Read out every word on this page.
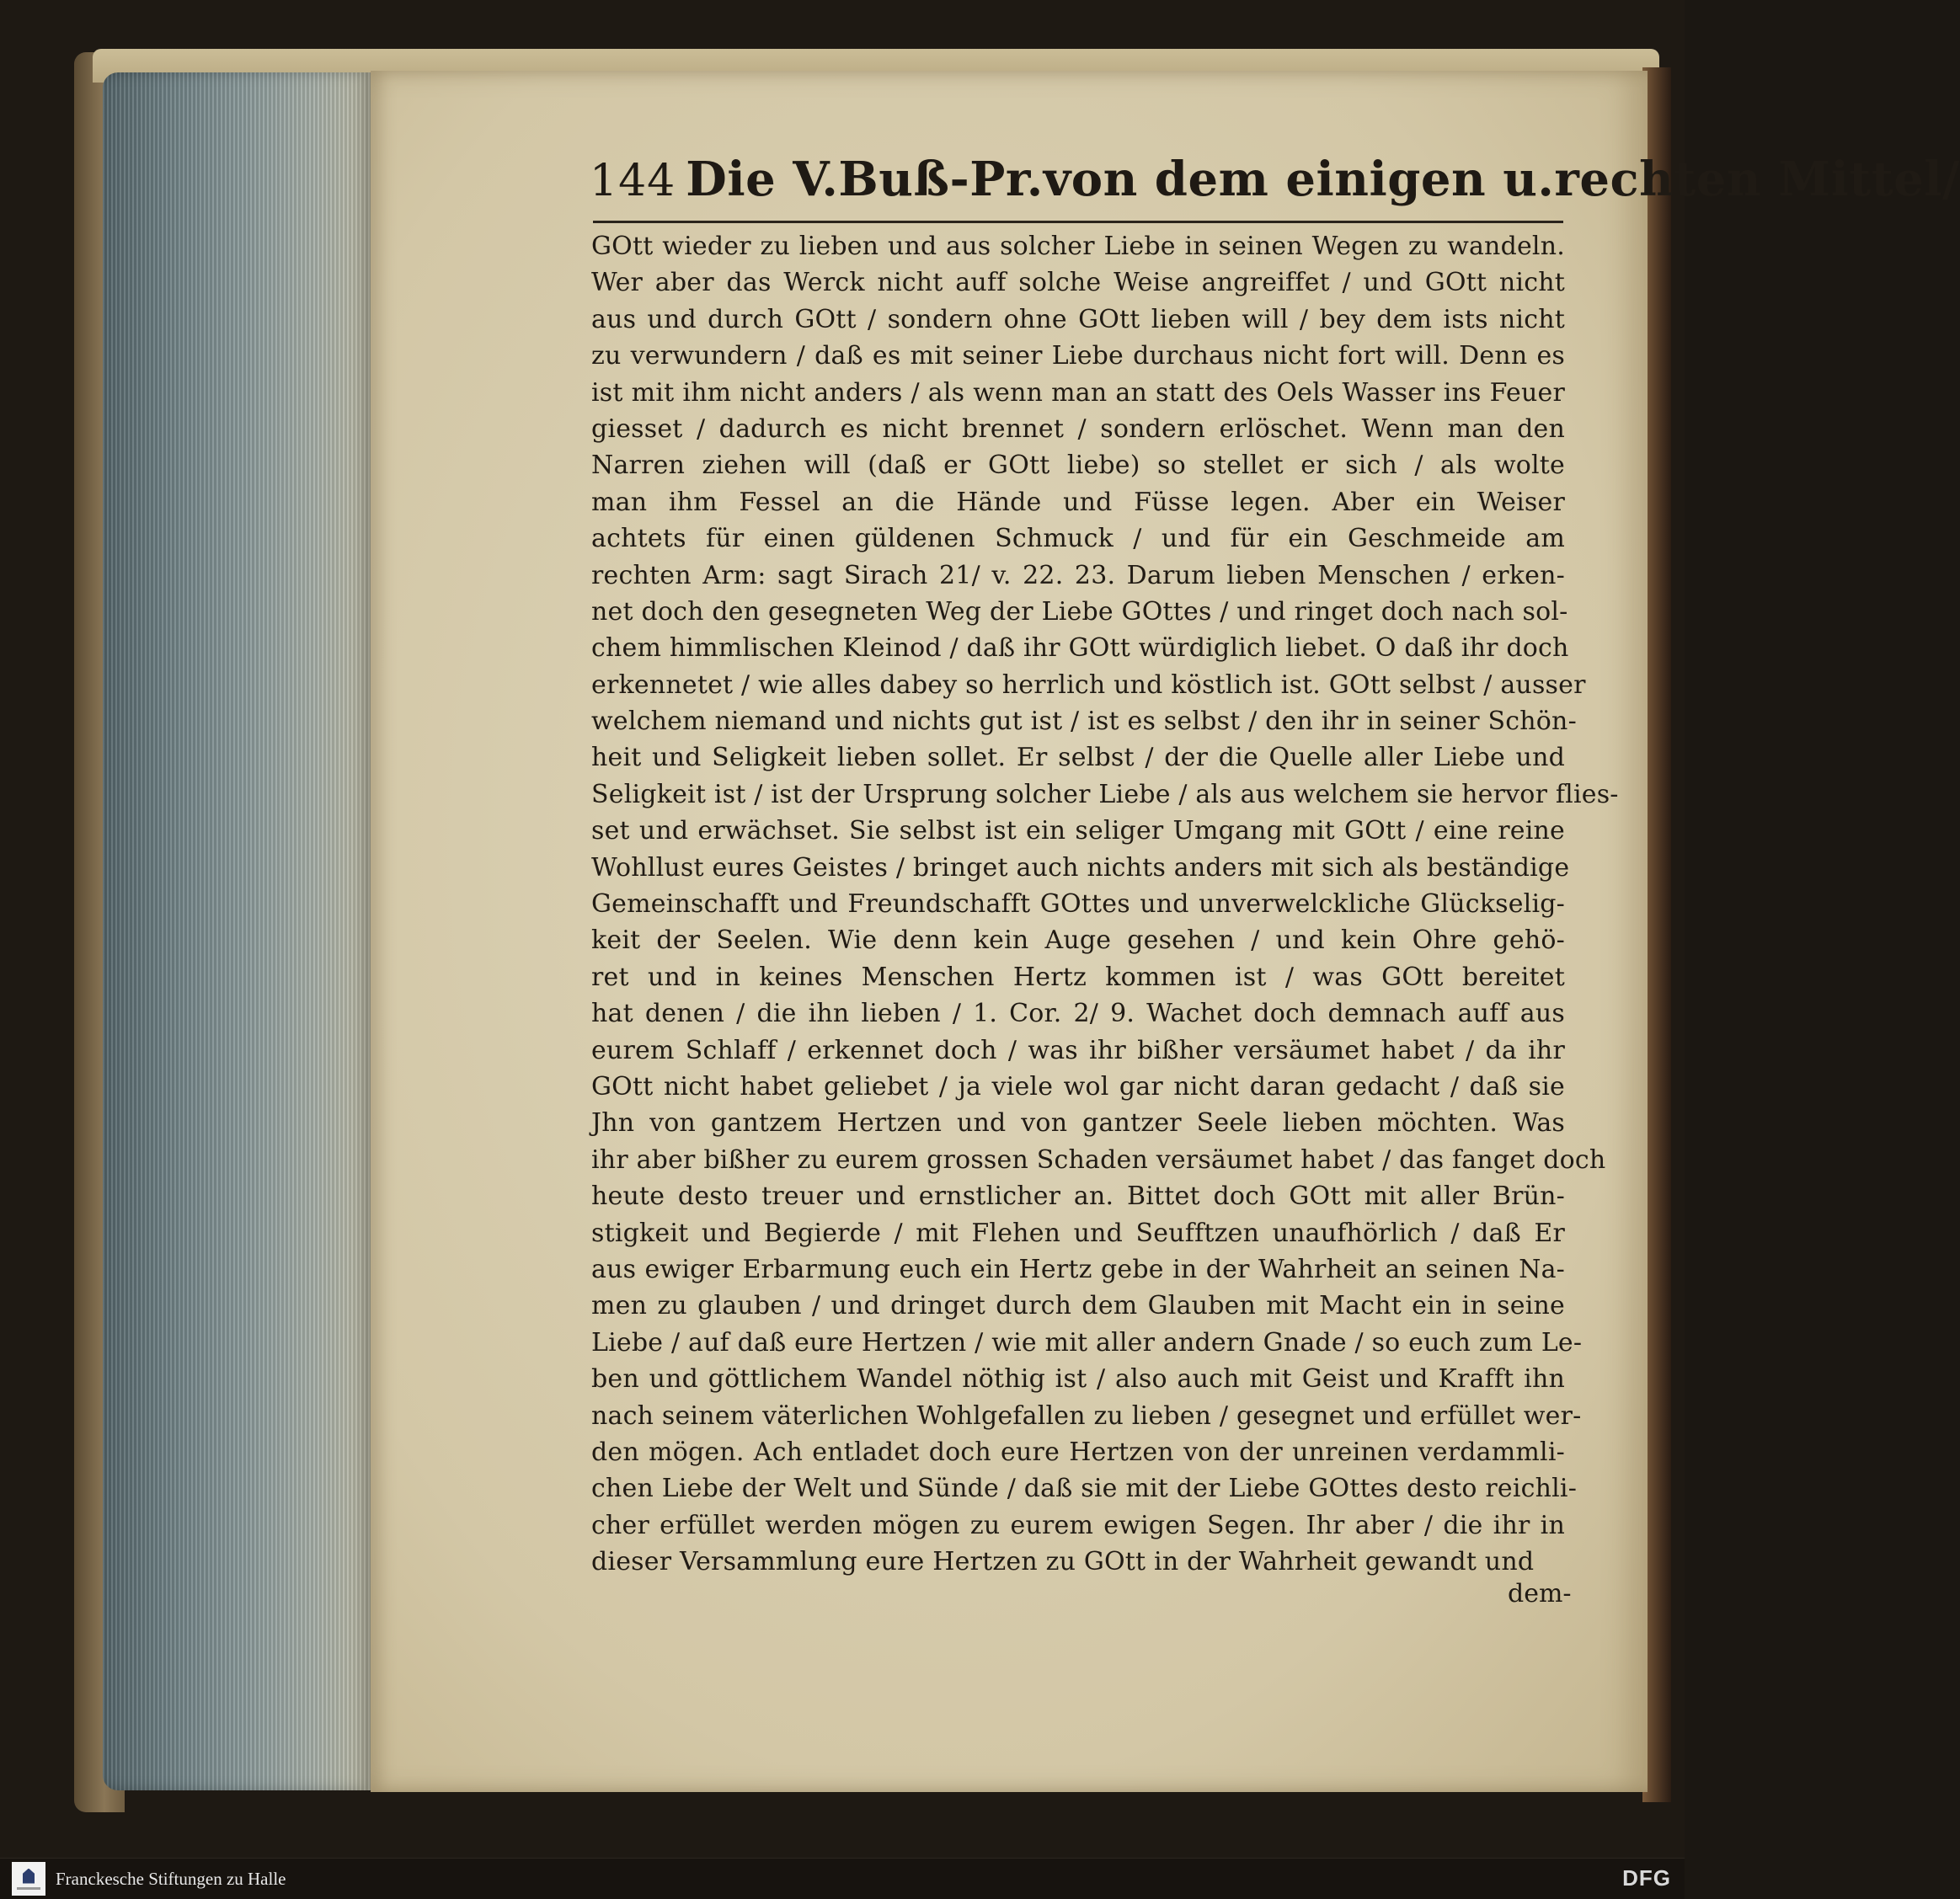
144 Die V.Buß-Pr.von dem einigen u.rechten Mittel/
GOtt wieder zu lieben und aus solcher Liebe in seinen Wegen zu wandeln.
Wer aber das Werck nicht auff solche Weise angreiffet / und GOtt nicht
aus und durch GOtt / sondern ohne GOtt lieben will / bey dem ists nicht
zu verwundern / daß es mit seiner Liebe durchaus nicht fort will. Denn es
ist mit ihm nicht anders / als wenn man an statt des Oels Wasser ins Feuer
giesset / dadurch es nicht brennet / sondern erlöschet. Wenn man den
Narren ziehen will (daß er GOtt liebe) so stellet er sich / als wolte
man ihm Fessel an die Hände und Füsse legen. Aber ein Weiser
achtets für einen güldenen Schmuck / und für ein Geschmeide am
rechten Arm: sagt Sirach 21/ v. 22. 23. Darum lieben Menschen / erken-
net doch den gesegneten Weg der Liebe GOttes / und ringet doch nach sol-
chem himmlischen Kleinod / daß ihr GOtt würdiglich liebet. O daß ihr doch
erkennetet / wie alles dabey so herrlich und köstlich ist. GOtt selbst / ausser
welchem niemand und nichts gut ist / ist es selbst / den ihr in seiner Schön-
heit und Seligkeit lieben sollet. Er selbst / der die Quelle aller Liebe und
Seligkeit ist / ist der Ursprung solcher Liebe / als aus welchem sie hervor flies-
set und erwächset. Sie selbst ist ein seliger Umgang mit GOtt / eine reine
Wohllust eures Geistes / bringet auch nichts anders mit sich als beständige
Gemeinschafft und Freundschafft GOttes und unverwelckliche Glückselig-
keit der Seelen. Wie denn kein Auge gesehen / und kein Ohre gehö-
ret und in keines Menschen Hertz kommen ist / was GOtt bereitet
hat denen / die ihn lieben / 1. Cor. 2/ 9. Wachet doch demnach auff aus
eurem Schlaff / erkennet doch / was ihr bißher versäumet habet / da ihr
GOtt nicht habet geliebet / ja viele wol gar nicht daran gedacht / daß sie
Jhn von gantzem Hertzen und von gantzer Seele lieben möchten. Was
ihr aber bißher zu eurem grossen Schaden versäumet habet / das fanget doch
heute desto treuer und ernstlicher an. Bittet doch GOtt mit aller Brün-
stigkeit und Begierde / mit Flehen und Seufftzen unaufhörlich / daß Er
aus ewiger Erbarmung euch ein Hertz gebe in der Wahrheit an seinen Na-
men zu glauben / und dringet durch dem Glauben mit Macht ein in seine
Liebe / auf daß eure Hertzen / wie mit aller andern Gnade / so euch zum Le-
ben und göttlichem Wandel nöthig ist / also auch mit Geist und Krafft ihn
nach seinem väterlichen Wohlgefallen zu lieben / gesegnet und erfüllet wer-
den mögen. Ach entladet doch eure Hertzen von der unreinen verdammli-
chen Liebe der Welt und Sünde / daß sie mit der Liebe GOttes desto reichli-
cher erfüllet werden mögen zu eurem ewigen Segen. Ihr aber / die ihr in
dieser Versammlung eure Hertzen zu GOtt in der Wahrheit gewandt und
dem-
Franckesche Stiftungen zu Halle	DFG
